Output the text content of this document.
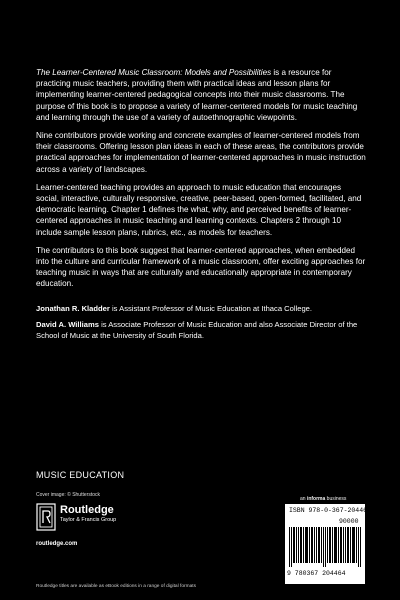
The Learner-Centered Music Classroom: Models and Possibilities is a resource for practicing music teachers, providing them with practical ideas and lesson plans for implementing learner-centered pedagogical concepts into their music classrooms. The purpose of this book is to propose a variety of learner-centered models for music teaching and learning through the use of a variety of autoethnographic viewpoints.

Nine contributors provide working and concrete examples of learner-centered models from their classrooms. Offering lesson plan ideas in each of these areas, the contributors provide practical approaches for implementation of learner-centered approaches in music instruction across a variety of landscapes.

Learner-centered teaching provides an approach to music education that encourages social, interactive, culturally responsive, creative, peer-based, open-formed, facilitated, and democratic learning. Chapter 1 defines the what, why, and perceived benefits of learner-centered approaches in music teaching and learning contexts. Chapters 2 through 10 include sample lesson plans, rubrics, etc., as models for teachers.

The contributors to this book suggest that learner-centered approaches, when embedded into the culture and curricular framework of a music classroom, offer exciting approaches for teaching music in ways that are culturally and educationally appropriate in contemporary education.

Jonathan R. Kladder is Assistant Professor of Music Education at Ithaca College.

David A. Williams is Associate Professor of Music Education and also Associate Director of the School of Music at the University of South Florida.

MUSIC EDUCATION
Cover image: © Shutterstock
Routledge
Taylor & Francis Group
routledge.com
Routledge titles are available as eBook editions in a range of digital formats
an informa business
ISBN 978-0-367-20446-4
90000
9 780367 204464
